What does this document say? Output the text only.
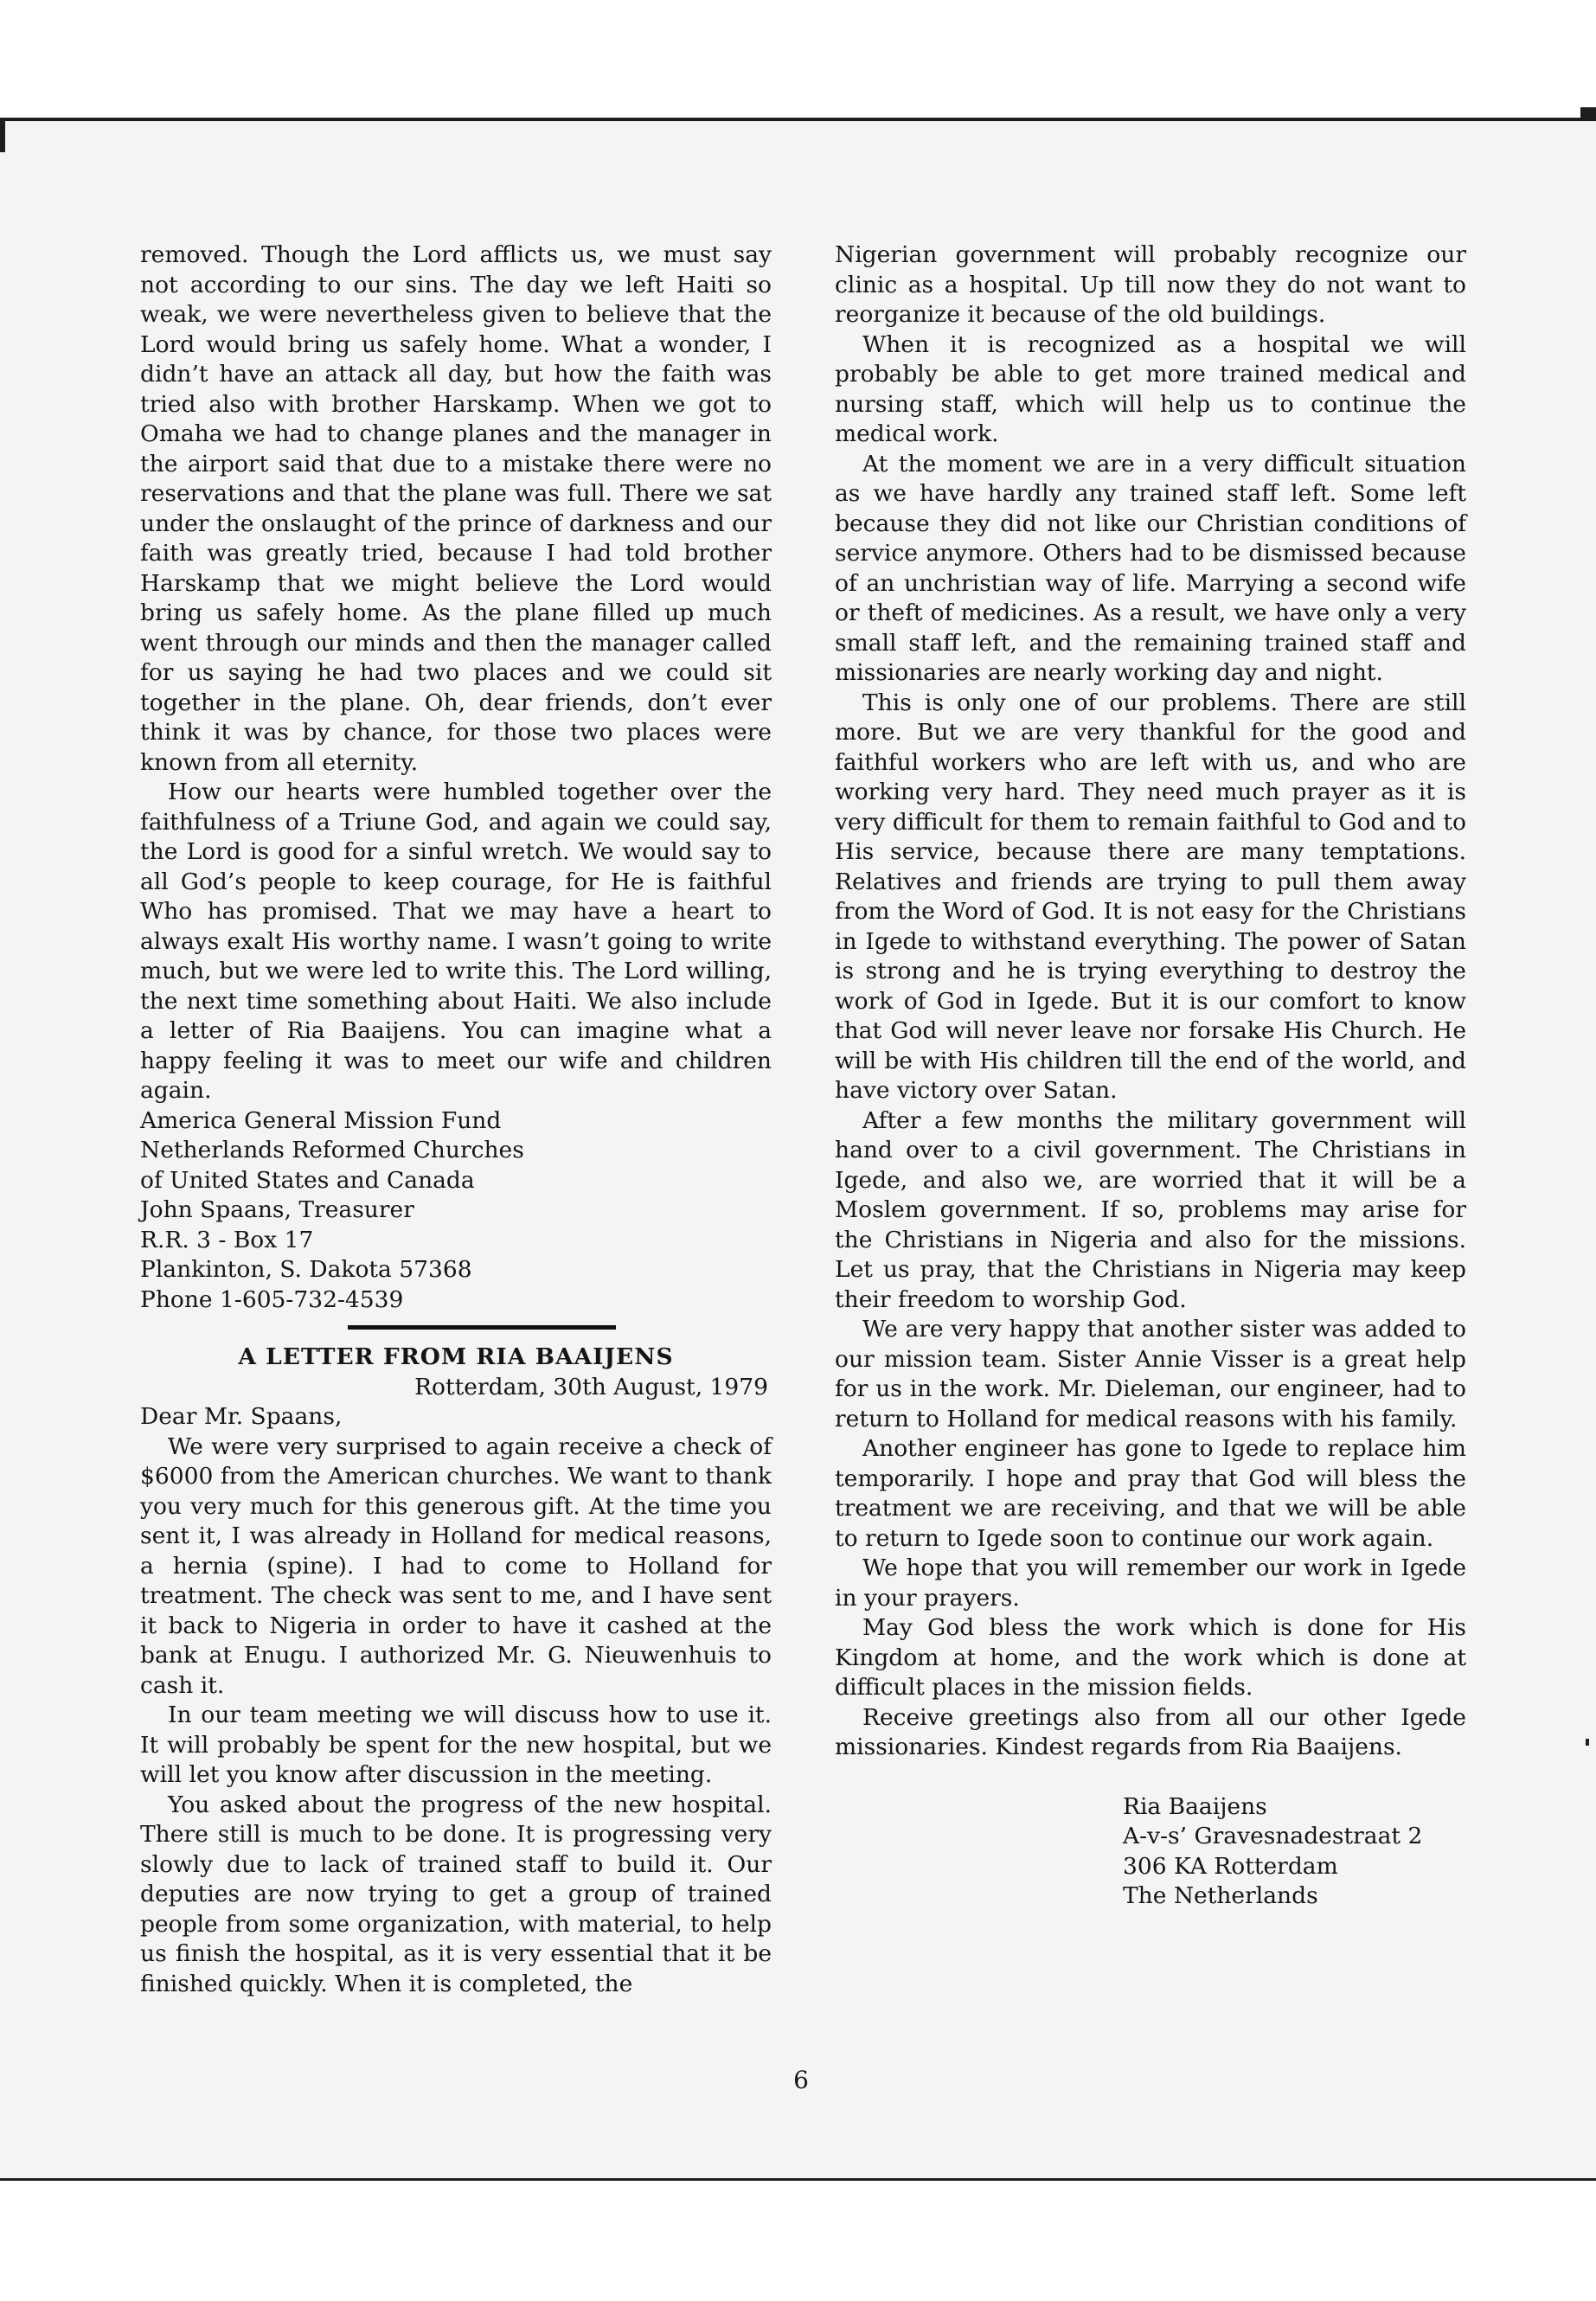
removed. Though the Lord afflicts us, we must say not according to our sins. The day we left Haiti so weak, we were nevertheless given to believe that the Lord would bring us safely home. What a wonder, I didn’t have an attack all day, but how the faith was tried also with brother Harskamp. When we got to Omaha we had to change planes and the manager in the airport said that due to a mistake there were no reservations and that the plane was full. There we sat under the onslaught of the prince of darkness and our faith was greatly tried, because I had told brother Harskamp that we might believe the Lord would bring us safely home. As the plane filled up much went through our minds and then the manager called for us saying he had two places and we could sit together in the plane. Oh, dear friends, don’t ever think it was by chance, for those two places were known from all eternity.

How our hearts were humbled together over the faithfulness of a Triune God, and again we could say, the Lord is good for a sinful wretch. We would say to all God’s people to keep courage, for He is faithful Who has promised. That we may have a heart to always exalt His worthy name. I wasn’t going to write much, but we were led to write this. The Lord willing, the next time something about Haiti. We also include a letter of Ria Baaijens. You can imagine what a happy feeling it was to meet our wife and children again.

America General Mission Fund

Netherlands Reformed Churches

of United States and Canada

John Spaans, Treasurer

R.R. 3 - Box 17

Plankinton, S. Dakota 57368

Phone 1-605-732-4539

A LETTER FROM RIA BAAIJENS

Rotterdam, 30th August, 1979

Dear Mr. Spaans,

We were very surprised to again receive a check of $6000 from the American churches. We want to thank you very much for this generous gift. At the time you sent it, I was already in Holland for medical reasons, a hernia (spine). I had to come to Holland for treatment. The check was sent to me, and I have sent it back to Nigeria in order to have it cashed at the bank at Enugu. I authorized Mr. G. Nieuwenhuis to cash it.

In our team meeting we will discuss how to use it. It will probably be spent for the new hospital, but we will let you know after discussion in the meeting.

You asked about the progress of the new hospital. There still is much to be done. It is progressing very slowly due to lack of trained staff to build it. Our deputies are now trying to get a group of trained people from some organization, with material, to help us finish the hospital, as it is very essential that it be finished quickly. When it is completed, the

Nigerian government will probably recognize our clinic as a hospital. Up till now they do not want to reorganize it because of the old buildings.

When it is recognized as a hospital we will probably be able to get more trained medical and nursing staff, which will help us to continue the medical work.

At the moment we are in a very difficult situation as we have hardly any trained staff left. Some left because they did not like our Christian conditions of service anymore. Others had to be dismissed because of an unchristian way of life. Marrying a second wife or theft of medicines. As a result, we have only a very small staff left, and the remaining trained staff and missionaries are nearly working day and night.

This is only one of our problems. There are still more. But we are very thankful for the good and faithful workers who are left with us, and who are working very hard. They need much prayer as it is very difficult for them to remain faithful to God and to His service, because there are many temptations. Relatives and friends are trying to pull them away from the Word of God. It is not easy for the Christians in Igede to withstand everything. The power of Satan is strong and he is trying everything to destroy the work of God in Igede. But it is our comfort to know that God will never leave nor forsake His Church. He will be with His children till the end of the world, and have victory over Satan.

After a few months the military government will hand over to a civil government. The Christians in Igede, and also we, are worried that it will be a Moslem government. If so, problems may arise for the Christians in Nigeria and also for the missions. Let us pray, that the Christians in Nigeria may keep their freedom to worship God.

We are very happy that another sister was added to our mission team. Sister Annie Visser is a great help for us in the work. Mr. Dieleman, our engineer, had to return to Holland for medical reasons with his family.

Another engineer has gone to Igede to replace him temporarily. I hope and pray that God will bless the treatment we are receiving, and that we will be able to return to Igede soon to continue our work again.

We hope that you will remember our work in Igede in your prayers.

May God bless the work which is done for His Kingdom at home, and the work which is done at difficult places in the mission fields.

Receive greetings also from all our other Igede missionaries. Kindest regards from Ria Baaijens.

Ria Baaijens

A-v-s’ Gravesnadestraat 2

306 KA Rotterdam

The Netherlands

6
